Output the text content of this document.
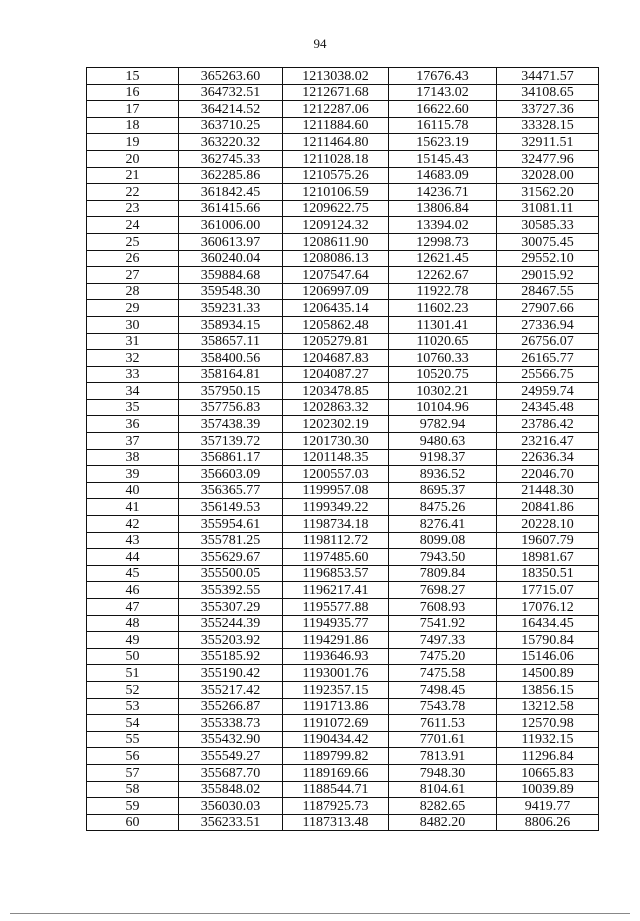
94
15	365263.60	1213038.02	17676.43	34471.57
16	364732.51	1212671.68	17143.02	34108.65
17	364214.52	1212287.06	16622.60	33727.36
18	363710.25	1211884.60	16115.78	33328.15
19	363220.32	1211464.80	15623.19	32911.51
20	362745.33	1211028.18	15145.43	32477.96
21	362285.86	1210575.26	14683.09	32028.00
22	361842.45	1210106.59	14236.71	31562.20
23	361415.66	1209622.75	13806.84	31081.11
24	361006.00	1209124.32	13394.02	30585.33
25	360613.97	1208611.90	12998.73	30075.45
26	360240.04	1208086.13	12621.45	29552.10
27	359884.68	1207547.64	12262.67	29015.92
28	359548.30	1206997.09	11922.78	28467.55
29	359231.33	1206435.14	11602.23	27907.66
30	358934.15	1205862.48	11301.41	27336.94
31	358657.11	1205279.81	11020.65	26756.07
32	358400.56	1204687.83	10760.33	26165.77
33	358164.81	1204087.27	10520.75	25566.75
34	357950.15	1203478.85	10302.21	24959.74
35	357756.83	1202863.32	10104.96	24345.48
36	357438.39	1202302.19	9782.94	23786.42
37	357139.72	1201730.30	9480.63	23216.47
38	356861.17	1201148.35	9198.37	22636.34
39	356603.09	1200557.03	8936.52	22046.70
40	356365.77	1199957.08	8695.37	21448.30
41	356149.53	1199349.22	8475.26	20841.86
42	355954.61	1198734.18	8276.41	20228.10
43	355781.25	1198112.72	8099.08	19607.79
44	355629.67	1197485.60	7943.50	18981.67
45	355500.05	1196853.57	7809.84	18350.51
46	355392.55	1196217.41	7698.27	17715.07
47	355307.29	1195577.88	7608.93	17076.12
48	355244.39	1194935.77	7541.92	16434.45
49	355203.92	1194291.86	7497.33	15790.84
50	355185.92	1193646.93	7475.20	15146.06
51	355190.42	1193001.76	7475.58	14500.89
52	355217.42	1192357.15	7498.45	13856.15
53	355266.87	1191713.86	7543.78	13212.58
54	355338.73	1191072.69	7611.53	12570.98
55	355432.90	1190434.42	7701.61	11932.15
56	355549.27	1189799.82	7813.91	11296.84
57	355687.70	1189169.66	7948.30	10665.83
58	355848.02	1188544.71	8104.61	10039.89
59	356030.03	1187925.73	8282.65	9419.77
60	356233.51	1187313.48	8482.20	8806.26
